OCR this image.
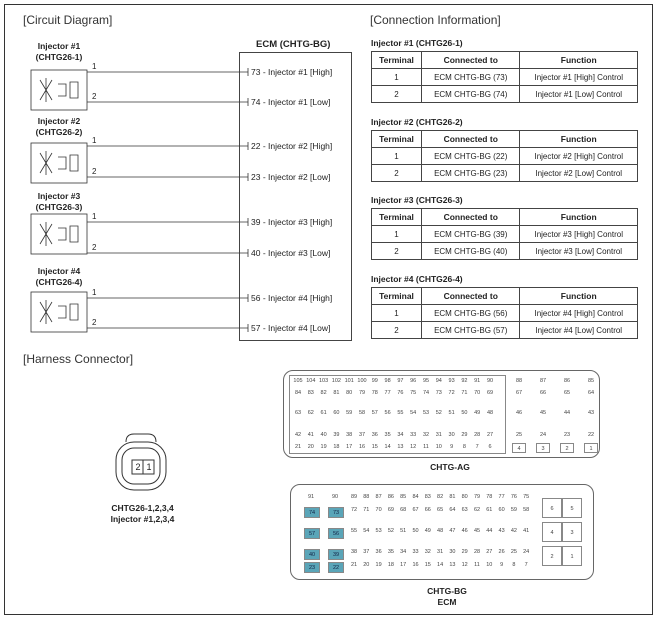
[Circuit Diagram]	[Connection Information]
[Harness Connector]
ECM (CHTG-BG)
Injector #1
(CHTG26-1)
Injector #2
(CHTG26-2)
Injector #3
(CHTG26-3)
Injector #4
(CHTG26-4)
1
2
1
2
1
2
1
2
73 - Injector #1 [High]
74 - Injector #1 [Low]
22 - Injector #2 [High]
23 - Injector #2 [Low]
39 - Injector #3 [High]
40 - Injector #3 [Low]
56 - Injector #4 [High]
57 - Injector #4 [Low]
Injector #1 (CHTG26-1)
Terminal	Connected to	Function
1	ECM CHTG-BG (73)	Injector #1 [High] Control
2	ECM CHTG-BG (74)	Injector #1 [Low] Control
Injector #2 (CHTG26-2)
Terminal	Connected to	Function
1	ECM CHTG-BG (22)	Injector #2 [High] Control
2	ECM CHTG-BG (23)	Injector #2 [Low] Control
Injector #3 (CHTG26-3)
Terminal	Connected to	Function
1	ECM CHTG-BG (39)	Injector #3 [High] Control
2	ECM CHTG-BG (40)	Injector #3 [Low] Control
Injector #4 (CHTG26-4)
Terminal	Connected to	Function
1	ECM CHTG-BG (56)	Injector #4 [High] Control
2	ECM CHTG-BG (57)	Injector #4 [Low] Control
2 1
CHTG26-1,2,3,4
Injector #1,2,3,4
105 104 103 102 101 100 99	98	97	96	95	94	93	92	91	90
84	83	82	81	80	79	78	77	76	75	74	73	72	71	70	69
63	62	61	60	59	58	57	56	55	54	53	52	51	50	49	48
42	41	40	39	38	37	36	35	34	33	32	31	30	29	28	27
21	20	19	18	17	16	15	14	13	12	11	10	9	8	7	6
88	87	86	85
67	66	65	64
46	45	44	43
25	24	23	22
4	3	2	1
CHTG-AG
91	90
74	73
57	56
40	39
23	22
89	88	87	86	85	84	83	82	81	80	79	78	77	76	75
72	71	70	69	68	67	66	65	64	63	62	61	60	59	58
55	54	53	52	51	50	49	48	47	46	45	44	43	42	41
38	37	36	35	34	33	32	31	30	29	28	27	26	25	24
21	20	19	18	17	16	15	14	13	12	11	10	9	8	7
6	5
4	3
2	1
CHTG-BG
ECM
